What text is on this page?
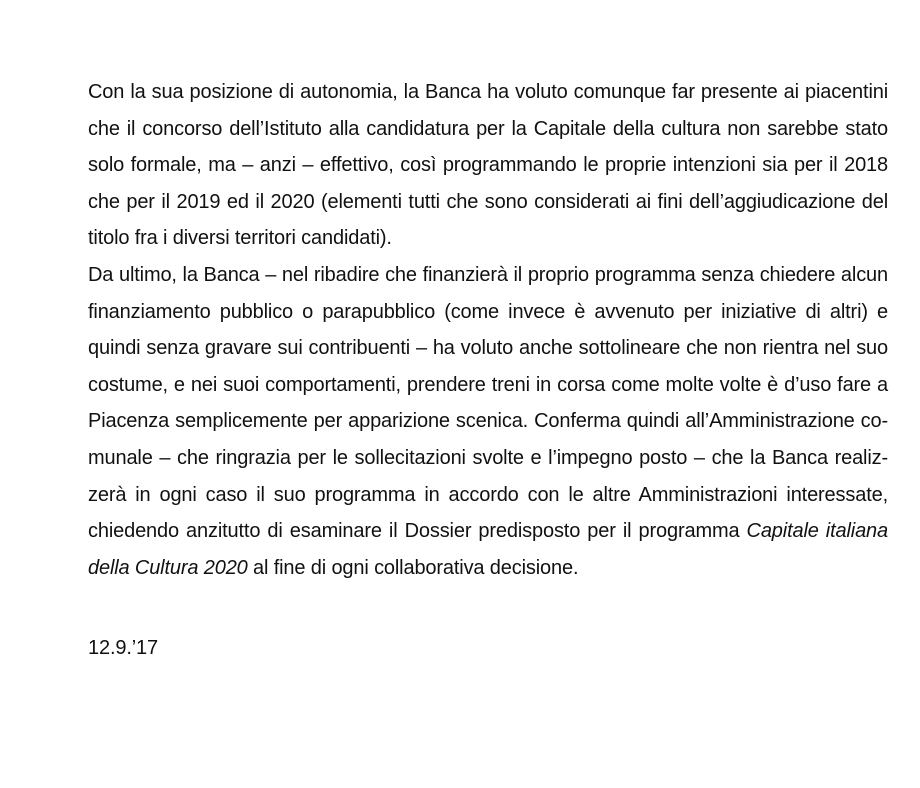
Con la sua posizione di autonomia, la Banca ha voluto comunque far presente ai piacentini
che il concorso dell’Istituto alla candidatura per la Capitale della cultura non sarebbe stato
solo formale, ma – anzi – effettivo, così programmando le proprie intenzioni sia per il 2018
che per il 2019 ed il 2020 (elementi tutti che sono considerati ai fini dell’aggiudicazione del
titolo fra i diversi territori candidati).
Da ultimo, la Banca – nel ribadire che finanzierà il proprio programma senza chiedere alcun
finanziamento pubblico o parapubblico (come invece è avvenuto per iniziative di altri) e
quindi senza gravare sui contribuenti – ha voluto anche sottolineare che non rientra nel suo
costume, e nei suoi comportamenti, prendere treni in corsa come molte volte è d’uso fare a
Piacenza semplicemente per apparizione scenica. Conferma quindi all’Amministrazione co-
munale – che ringrazia per le sollecitazioni svolte e l’impegno posto – che la Banca realiz-
zerà in ogni caso il suo programma in accordo con le altre Amministrazioni interessate,
chiedendo anzitutto di esaminare il Dossier predisposto per il programma Capitale italiana
della Cultura 2020 al fine di ogni collaborativa decisione.
12.9.’17
